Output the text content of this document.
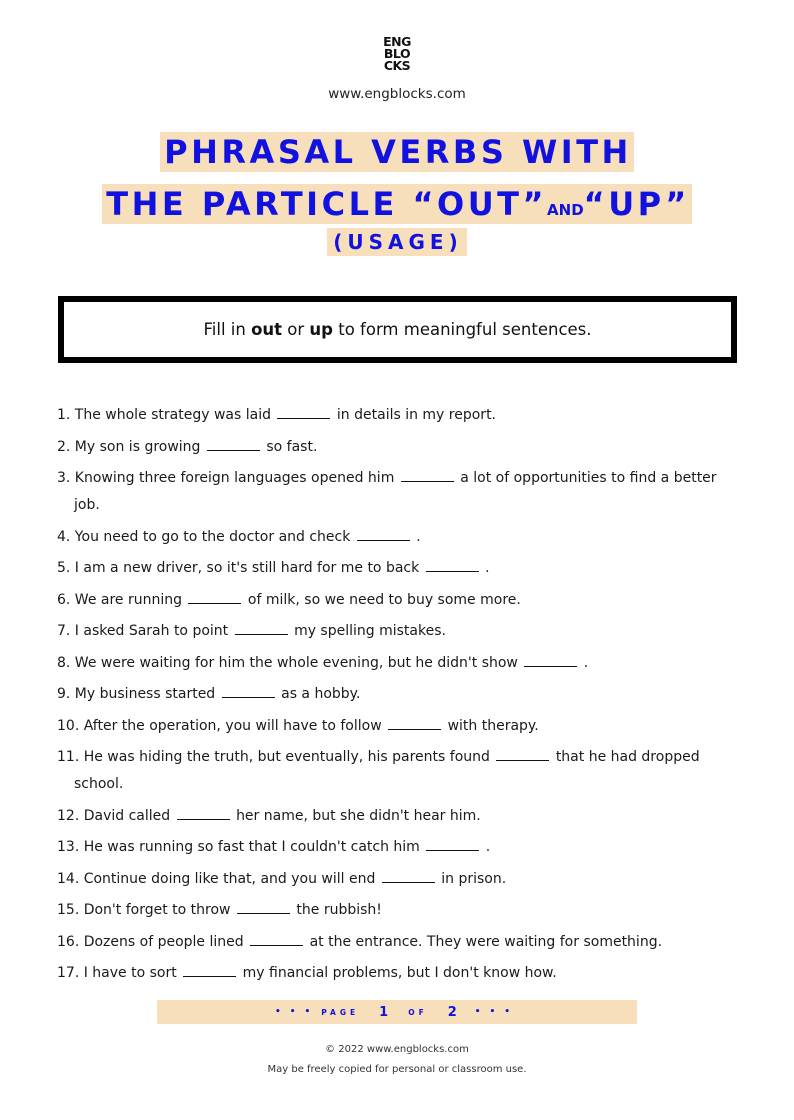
ENG
BLO
CKS
www.engblocks.com
PHRASAL VERBS WITH
THE PARTICLE “OUT”AND“UP”
(USAGE)
Fill in out or up to form meaningful sentences.
1. The whole strategy was laid	in details in my report.
2. My son is growing	so fast.
3. Knowing three foreign languages opened him	a lot of opportunities to find a better
job.
4. You need to go to the doctor and check	.
5. I am a new driver, so it's still hard for me to back	.
6. We are running	of milk, so we need to buy some more.
7. I asked Sarah to point	my spelling mistakes.
8. We were waiting for him the whole evening, but he didn't show	.
9. My business started	as a hobby.
10. After the operation, you will have to follow	with therapy.
11. He was hiding the truth, but eventually, his parents found	that he had dropped
school.
12. David called	her name, but she didn't hear him.
13. He was running so fast that I couldn't catch him	.
14. Continue doing like that, and you will end	in prison.
15. Don't forget to throw	the rubbish!
16. Dozens of people lined	at the entrance. They were waiting for something.
17. I have to sort	my financial problems, but I don't know how.
••• PAGE 1	OF 2 •••
© 2022 www.engblocks.com
May be freely copied for personal or classroom use.
